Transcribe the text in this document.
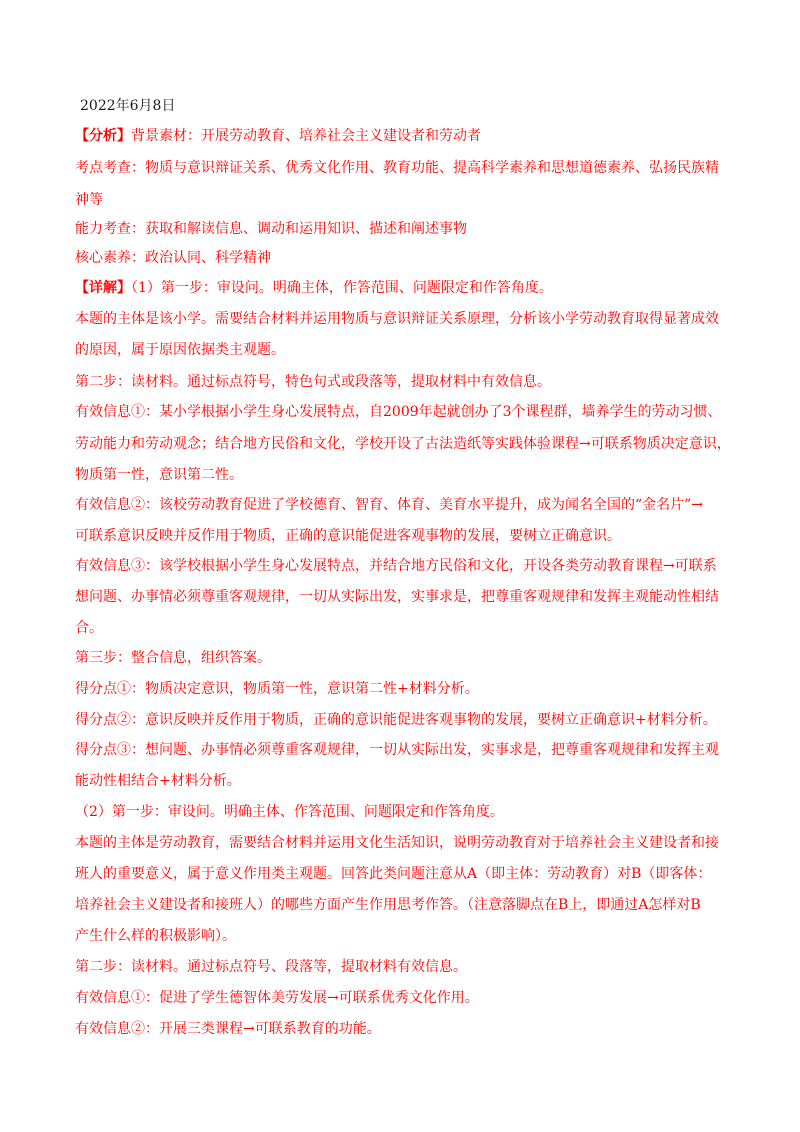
2022年6月8日
【分析】背景素材：开展劳动教育、培养社会主义建设者和劳动者
考点考查：物质与意识辩证关系、优秀文化作用、教育功能、提高科学素养和思想道德素养、弘扬民族精
神等
能力考查：获取和解读信息、调动和运用知识、描述和阐述事物
核心素养：政治认同、科学精神
【详解】（1）第一步：审设问。明确主体，作答范围、问题限定和作答角度。
本题的主体是该小学。需要结合材料并运用物质与意识辩证关系原理，分析该小学劳动教育取得显著成效
的原因，属于原因依据类主观题。
第二步：读材料。通过标点符号，特色句式或段落等，提取材料中有效信息。
有效信息①：某小学根据小学生身心发展特点，自2009年起就创办了3个课程群，墙养学生的劳动习惯、
劳动能力和劳动观念；结合地方民俗和文化，学校开设了古法造纸等实践体验课程→可联系物质决定意识，
物质第一性，意识第二性。
有效信息②：该校劳动教育促进了学校德育、智育、体育、美育水平提升，成为闻名全国的“金名片”→
可联系意识反映并反作用于物质，正确的意识能促进客观事物的发展，要树立正确意识。
有效信息③：该学校根据小学生身心发展特点，并结合地方民俗和文化，开设各类劳动教育课程→可联系
想问题、办事情必须尊重客观规律，一切从实际出发，实事求是，把尊重客观规律和发挥主观能动性相结
合。
第三步：整合信息，组织答案。
得分点①：物质决定意识，物质第一性，意识第二性+材料分析。
得分点②：意识反映并反作用于物质，正确的意识能促进客观事物的发展，要树立正确意识+材料分析。
得分点③：想问题、办事情必须尊重客观规律，一切从实际出发，实事求是，把尊重客观规律和发挥主观
能动性相结合+材料分析。
（2）第一步：审设问。明确主体、作答范围、问题限定和作答角度。
本题的主体是劳动教育，需要结合材料并运用文化生活知识，说明劳动教育对于培养社会主义建设者和接
班人的重要意义，属于意义作用类主观题。回答此类问题注意从A（即主体：劳动教育）对B（即客体：
培养社会主义建设者和接班人）的哪些方面产生作用思考作答。（注意落脚点在B上，即通过A怎样对B
产生什么样的积极影响）。
第二步：读材料。通过标点符号、段落等，提取材料有效信息。
有效信息①：促进了学生德智体美劳发展→可联系优秀文化作用。
有效信息②：开展三类课程→可联系教育的功能。
